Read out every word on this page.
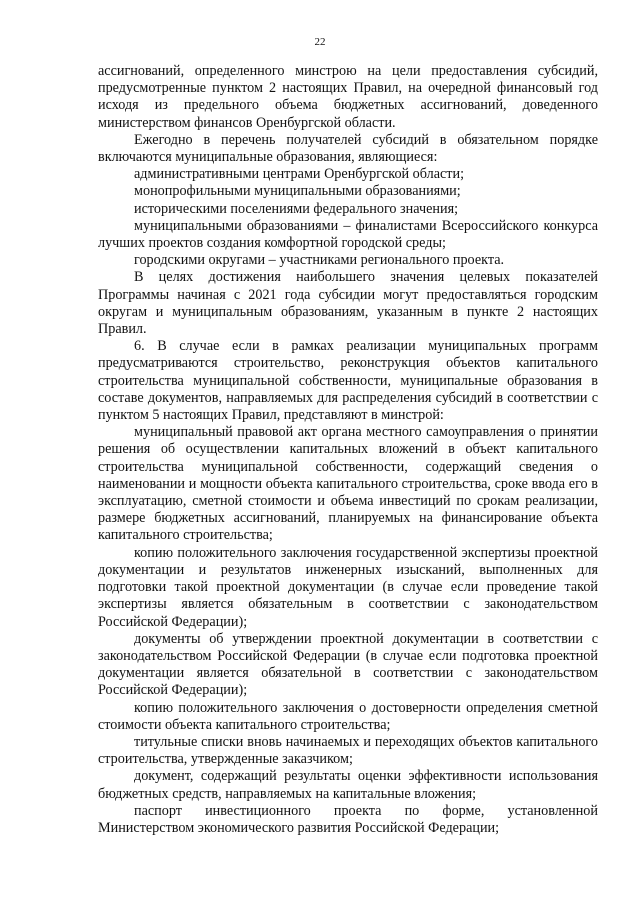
22

ассигнований, определенного минстрою на цели предоставления субсидий, предусмотренные пунктом 2 настоящих Правил, на очередной финансовый год исходя из предельного объема бюджетных ассигнований, доведенного министерством финансов Оренбургской области.

Ежегодно в перечень получателей субсидий в обязательном порядке включаются муниципальные образования, являющиеся:

административными центрами Оренбургской области;

монопрофильными муниципальными образованиями;

историческими поселениями федерального значения;

муниципальными образованиями – финалистами Всероссийского конкурса лучших проектов создания комфортной городской среды;

городскими округами – участниками регионального проекта.

В целях достижения наибольшего значения целевых показателей Программы начиная с 2021 года субсидии могут предоставляться городским округам и муниципальным образованиям, указанным в пункте 2 настоящих Правил.

6. В случае если в рамках реализации муниципальных программ предусматриваются строительство, реконструкция объектов капитального строительства муниципальной собственности, муниципальные образования в составе документов, направляемых для распределения субсидий в соответствии с пунктом 5 настоящих Правил, представляют в минстрой:

муниципальный правовой акт органа местного самоуправления о принятии решения об осуществлении капитальных вложений в объект капитального строительства муниципальной собственности, содержащий сведения о наименовании и мощности объекта капитального строительства, сроке ввода его в эксплуатацию, сметной стоимости и объема инвестиций по срокам реализации, размере бюджетных ассигнований, планируемых на финансирование объекта капитального строительства;

копию положительного заключения государственной экспертизы проектной документации и результатов инженерных изысканий, выполненных для подготовки такой проектной документации (в случае если проведение такой экспертизы является обязательным в соответствии с законодательством Российской Федерации);

документы об утверждении проектной документации в соответствии с законодательством Российской Федерации (в случае если подготовка проектной документации является обязательной в соответствии с законодательством Российской Федерации);

копию положительного заключения о достоверности определения сметной стоимости объекта капитального строительства;

титульные списки вновь начинаемых и переходящих объектов капитального строительства, утвержденные заказчиком;

документ, содержащий результаты оценки эффективности использования бюджетных средств, направляемых на капитальные вложения;

паспорт инвестиционного проекта по форме, установленной Министерством экономического развития Российской Федерации;
